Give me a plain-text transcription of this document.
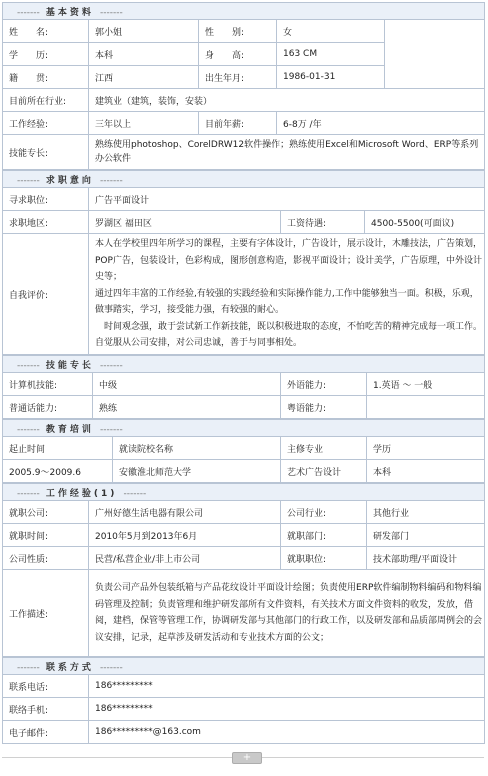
------- 基本资料 -------				
姓　　名:	郭小姐	性　　别:	女	
学　　历:	本科	身　　高:	163 CM	
籍　　贯:	江西	出生年月:	1986-01-31	
目前所在行业:	建筑业（建筑，装饰，安装）			
工作经验:	三年以上	目前年薪:	6-8万 /年	
技能专长:	熟练使用photoshop、CorelDRW12软件操作；熟练使用Excel和Microsoft Word、ERP等系列办公软件			
------- 求职意向 -------			
寻求职位:	广告平面设计		
求职地区:	罗湖区 福田区	工资待遇:	4500-5500(可面议)
自我评价:	本人在学校里四年所学习的课程，主要有字体设计，广告设计，展示设计，木雕技法，广告策划，POP广告，包装设计，色彩构成，图形创意构造，影视平面设计；设计美学，广告原理，中外设计史等；
通过四年丰富的工作经验,有较强的实践经验和实际操作能力,工作中能够独当一面。积极，乐观，做事踏实，学习，接受能力强，有较强的耐心。
时间观念强，敢于尝试新工作新技能，既以积极进取的态度，不怕吃苦的精神完成每一项工作。自觉服从公司安排，对公司忠诚，善于与同事相处。		
------- 技能专长 -------			
计算机技能:	中级	外语能力:	1.英语 ～ 一般
普通话能力:	熟练	粤语能力:	
------- 教育培训 -------			
起止时间	就读院校名称	主修专业	学历
2005.9～2009.6	安徽淮北师范大学	艺术广告设计	本科
------- 工作经验(1) -------			
就职公司:	广州好德生活电器有限公司	公司行业:	其他行业
就职时间:	2010年5月到2013年6月	就职部门:	研发部门
公司性质:	民营/私营企业/非上市公司	就职职位:	技术部助理/平面设计
工作描述:	负责公司产品外包装纸箱与产品花纹设计平面设计绘图；负责使用ERP软件编制物料编码和物料编码管理及控制；负责管理和维护研发部所有文件资料，有关技术方面文件资料的收发，发放，借阅，建档，保管等管理工作，协调研发部与其他部门的行政工作，以及研发部和品质部周例会的会议安排，记录，起草涉及研发活动和专业技术方面的公文；		
------- 联系方式 -------	
联系电话:	186*********
联络手机:	186*********
电子邮件:	186*********@163.com
+
